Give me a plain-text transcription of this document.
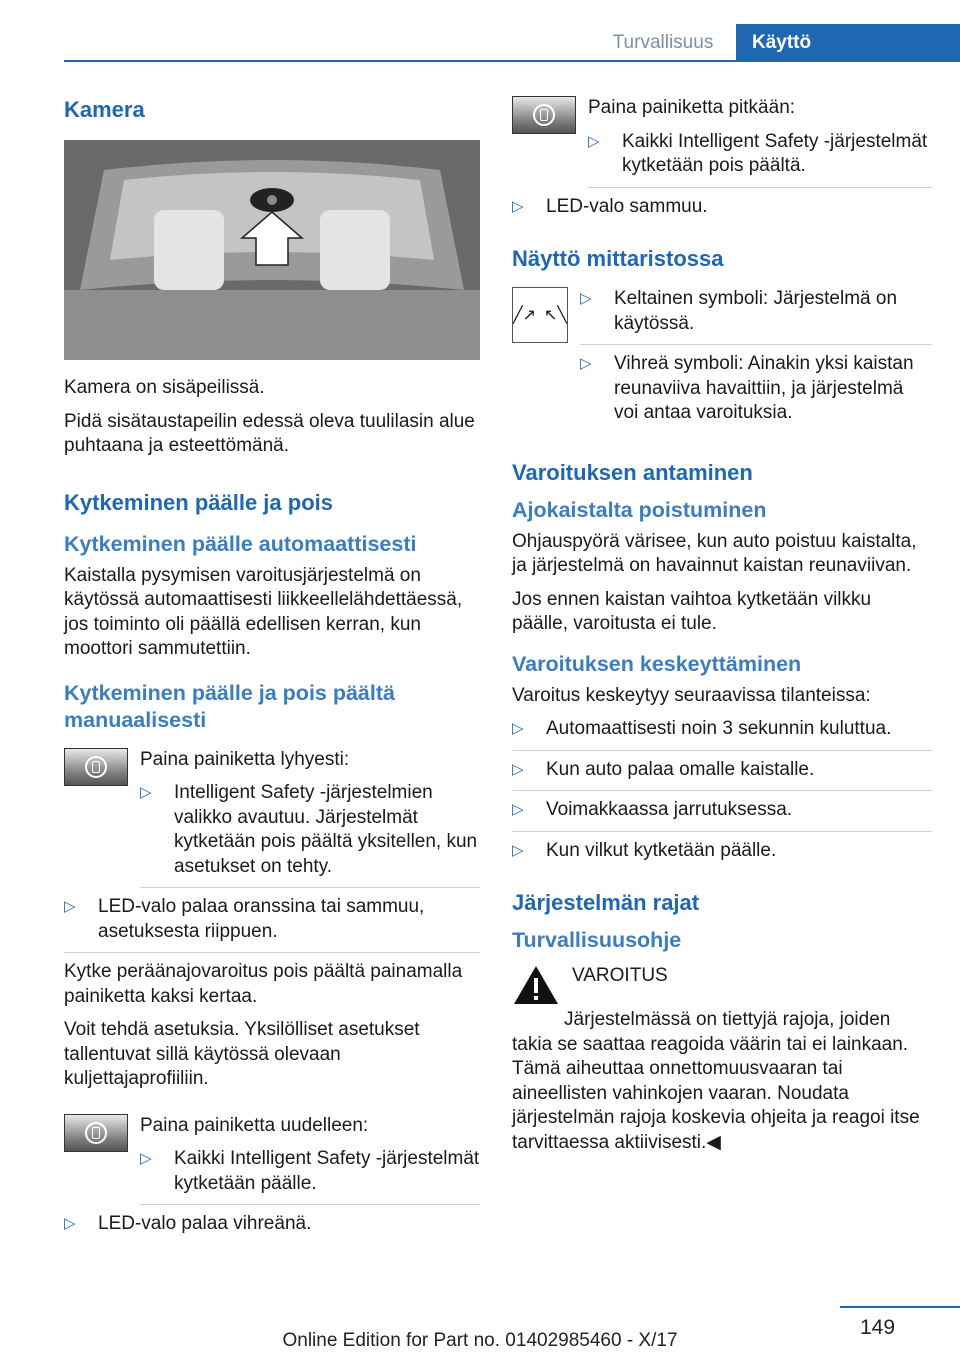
Turvallisuus	Käyttö
Kamera

Kamera on sisäpeilissä.

Pidä sisätaustapeilin edessä oleva tuulilasin alue puhtaana ja esteettömänä.

Kytkeminen päälle ja pois
Kytkeminen päälle automaattisesti

Kaistalla pysymisen varoitusjärjestelmä on käytössä automaattisesti liikkeellelähdettäessä, jos toiminto oli päällä edellisen kerran, kun moottori sammutettiin.

Kytkeminen päälle ja pois päältä manuaalisesti

Paina painiketta lyhyesti:

▷ Intelligent Safety -järjestelmien valikko avautuu. Järjestelmät kytketään pois päältä yksitellen, kun asetukset on tehty.
▷ LED-valo palaa oranssina tai sammuu, asetuksesta riippuen.

Kytke peräänajovaroitus pois päältä painamalla painiketta kaksi kertaa.

Voit tehdä asetuksia. Yksilölliset asetukset tallentuvat sillä käytössä olevaan kuljettajaprofiiliin.

Paina painiketta uudelleen:

▷ Kaikki Intelligent Safety -järjestelmät kytketään päälle.
▷ LED-valo palaa vihreänä.

Paina painiketta pitkään:

▷ Kaikki Intelligent Safety -järjestelmät kytketään pois päältä.
▷ LED-valo sammuu.
Näyttö mittaristossa
╱↗ ↖╲
▷ Keltainen symboli: Järjestelmä on käytössä.
▷ Vihreä symboli: Ainakin yksi kaistan reunaviiva havaittiin, ja järjestelmä voi antaa varoituksia.
Varoituksen antaminen
Ajokaistalta poistuminen

Ohjauspyörä värisee, kun auto poistuu kaistalta, ja järjestelmä on havainnut kaistan reunaviivan.

Jos ennen kaistan vaihtoa kytketään vilkku päälle, varoitusta ei tule.

Varoituksen keskeyttäminen

Varoitus keskeytyy seuraavissa tilanteissa:

▷ Automaattisesti noin 3 sekunnin kuluttua.
▷ Kun auto palaa omalle kaistalle.
▷ Voimakkaassa jarrutuksessa.
▷ Kun vilkut kytketään päälle.
Järjestelmän rajat
Turvallisuusohje

VAROITUS

Järjestelmässä on tiettyjä rajoja, joiden takia se saattaa reagoida väärin tai ei lainkaan. Tämä aiheuttaa onnettomuusvaaran tai aineellisten vahinkojen vaaran. Noudata järjestelmän rajoja koskevia ohjeita ja reagoi itse tarvittaessa aktiivisesti.◀

149
Online Edition for Part no. 01402985460 - X/17
